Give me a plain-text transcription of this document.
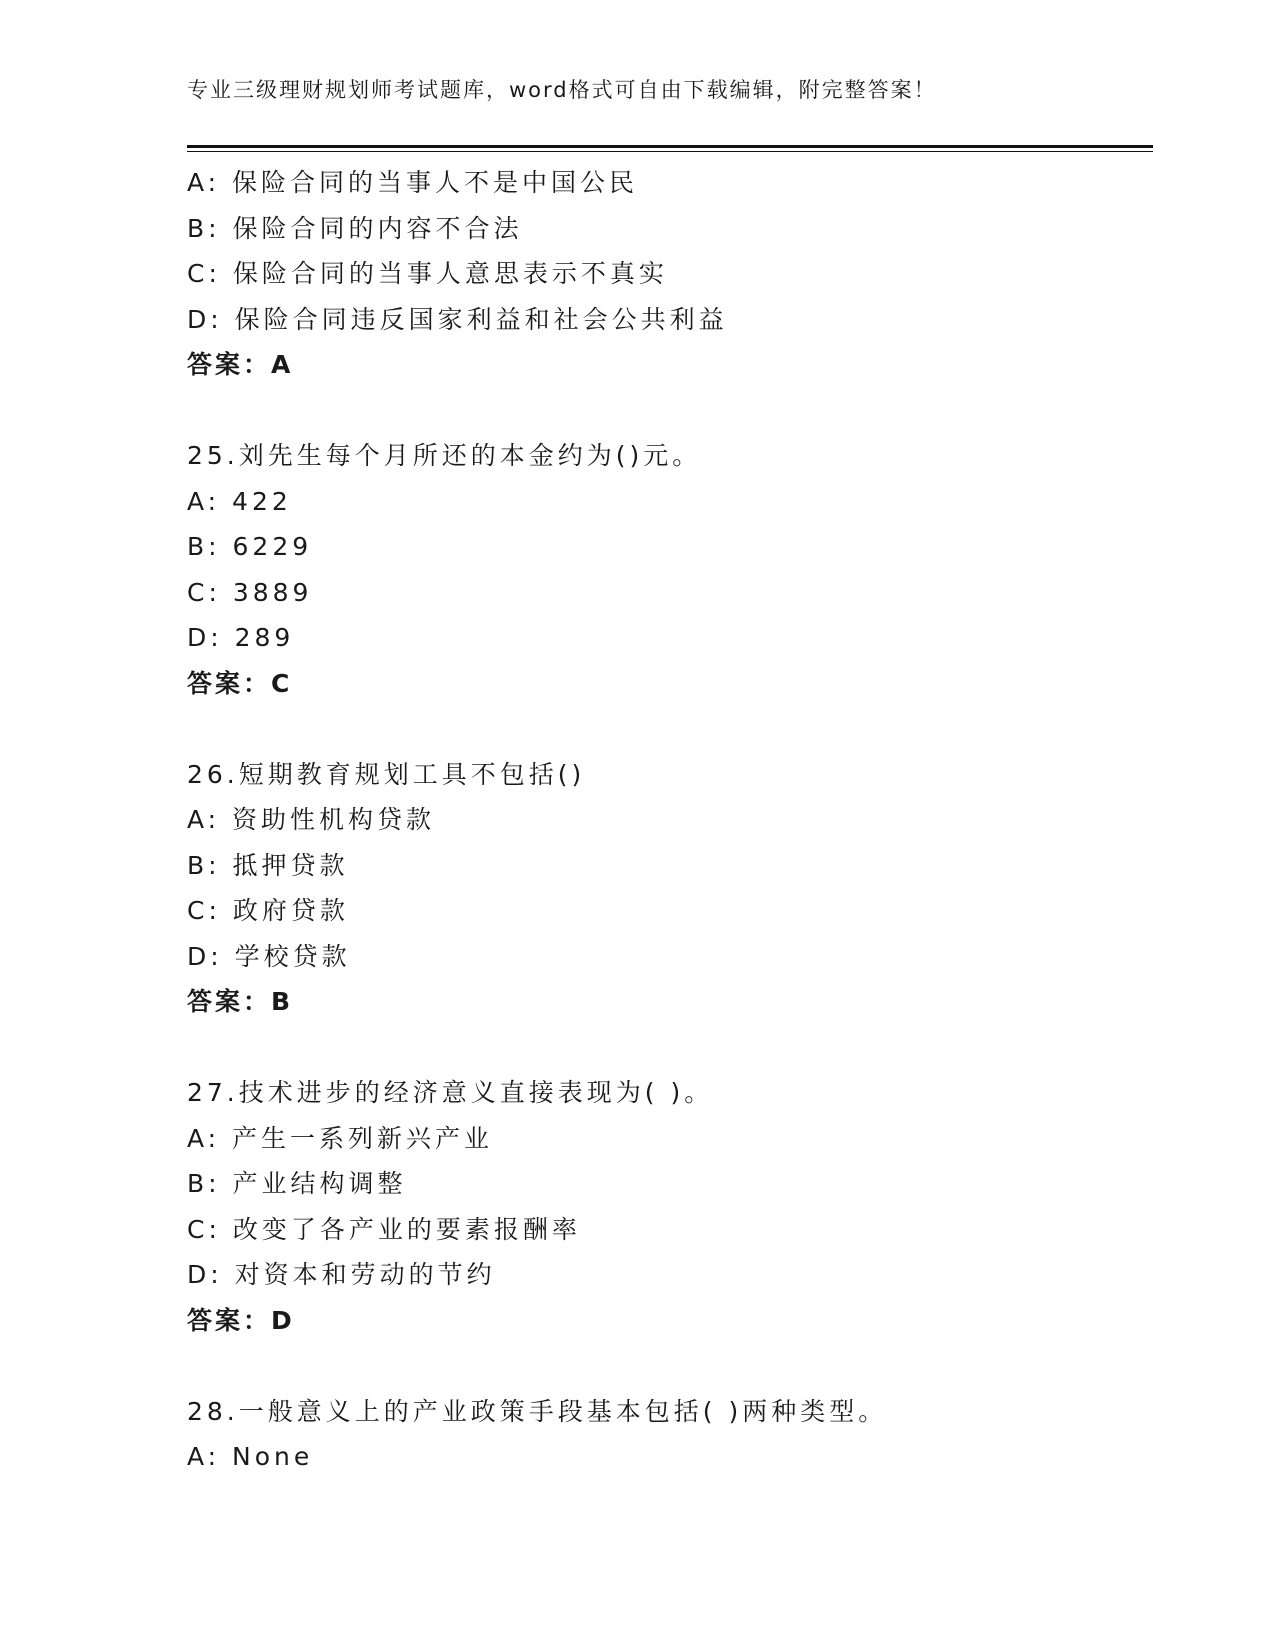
专业三级理财规划师考试题库，word格式可自由下载编辑，附完整答案！
A: 保险合同的当事人不是中国公民
B: 保险合同的内容不合法
C: 保险合同的当事人意思表示不真实
D: 保险合同违反国家利益和社会公共利益
答案：A
25.刘先生每个月所还的本金约为()元。
A: 422
B: 6229
C: 3889
D: 289
答案：C
26.短期教育规划工具不包括()
A: 资助性机构贷款
B: 抵押贷款
C: 政府贷款
D: 学校贷款
答案：B
27.技术进步的经济意义直接表现为( )。
A: 产生一系列新兴产业
B: 产业结构调整
C: 改变了各产业的要素报酬率
D: 对资本和劳动的节约
答案：D
28.一般意义上的产业政策手段基本包括( )两种类型。
A: None
